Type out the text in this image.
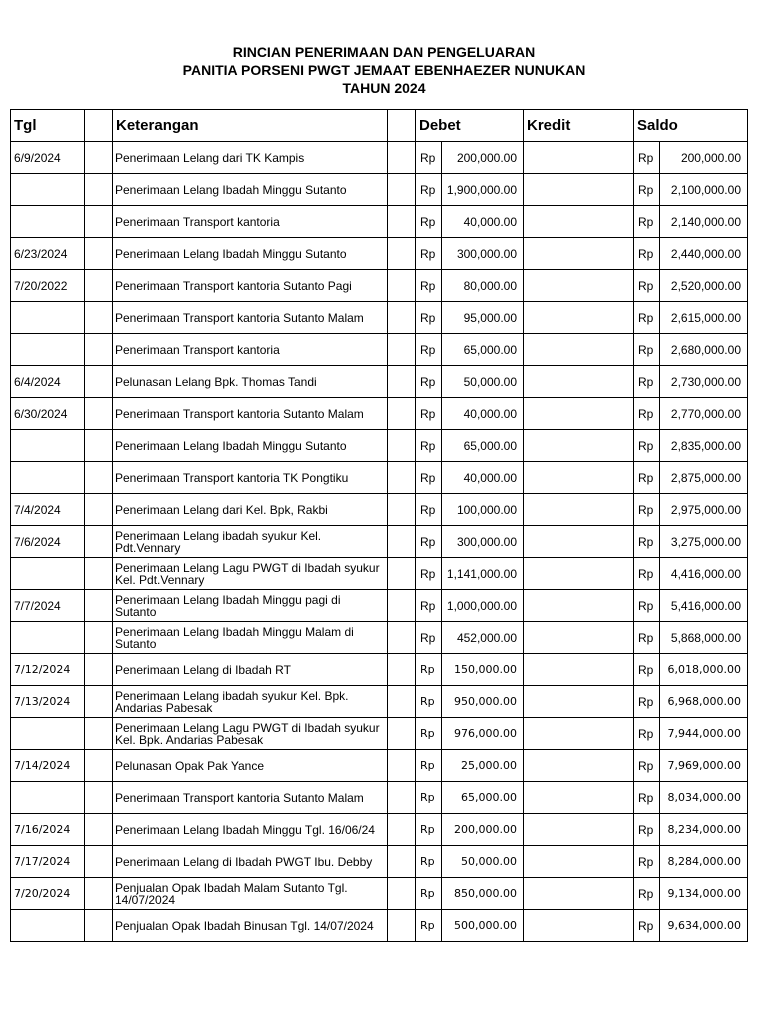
RINCIAN PENERIMAAN DAN PENGELUARAN
PANITIA PORSENI PWGT JEMAAT EBENHAEZER NUNUKAN
TAHUN 2024
Tgl		Keterangan		Debet		Kredit	Saldo	
6/9/2024		Penerimaan Lelang dari TK Kampis		Rp	200,000.00		Rp	200,000.00
		Penerimaan Lelang Ibadah Minggu Sutanto		Rp	1,900,000.00		Rp	2,100,000.00
		Penerimaan Transport kantoria		Rp	40,000.00		Rp	2,140,000.00
6/23/2024		Penerimaan Lelang Ibadah Minggu Sutanto		Rp	300,000.00		Rp	2,440,000.00
7/20/2022		Penerimaan Transport kantoria Sutanto Pagi		Rp	80,000.00		Rp	2,520,000.00
		Penerimaan Transport kantoria Sutanto Malam		Rp	95,000.00		Rp	2,615,000.00
		Penerimaan Transport kantoria		Rp	65,000.00		Rp	2,680,000.00
6/4/2024		Pelunasan Lelang Bpk. Thomas Tandi		Rp	50,000.00		Rp	2,730,000.00
6/30/2024		Penerimaan Transport kantoria Sutanto Malam		Rp	40,000.00		Rp	2,770,000.00
		Penerimaan Lelang Ibadah Minggu Sutanto		Rp	65,000.00		Rp	2,835,000.00
		Penerimaan Transport kantoria TK Pongtiku		Rp	40,000.00		Rp	2,875,000.00
7/4/2024		Penerimaan Lelang dari Kel. Bpk, Rakbi		Rp	100,000.00		Rp	2,975,000.00
7/6/2024		Penerimaan Lelang ibadah syukur Kel. Pdt.Vennary		Rp	300,000.00		Rp	3,275,000.00
		Penerimaan Lelang Lagu PWGT di Ibadah syukur Kel. Pdt.Vennary		Rp	1,141,000.00		Rp	4,416,000.00
7/7/2024		Penerimaan Lelang Ibadah Minggu pagi di Sutanto		Rp	1,000,000.00		Rp	5,416,000.00
		Penerimaan Lelang Ibadah Minggu Malam di Sutanto		Rp	452,000.00		Rp	5,868,000.00
7/12/2024		Penerimaan Lelang di Ibadah RT		Rp	150,000.00		Rp	6,018,000.00
7/13/2024		Penerimaan Lelang ibadah syukur Kel. Bpk. Andarias Pabesak		Rp	950,000.00		Rp	6,968,000.00
		Penerimaan Lelang Lagu PWGT di Ibadah syukur Kel. Bpk. Andarias Pabesak		Rp	976,000.00		Rp	7,944,000.00
7/14/2024		Pelunasan Opak Pak Yance		Rp	25,000.00		Rp	7,969,000.00
		Penerimaan Transport kantoria Sutanto Malam		Rp	65,000.00		Rp	8,034,000.00
7/16/2024		Penerimaan Lelang Ibadah Minggu Tgl. 16/06/24		Rp	200,000.00		Rp	8,234,000.00
7/17/2024		Penerimaan Lelang di Ibadah PWGT Ibu. Debby		Rp	50,000.00		Rp	8,284,000.00
7/20/2024		Penjualan Opak Ibadah Malam Sutanto Tgl. 14/07/2024		Rp	850,000.00		Rp	9,134,000.00
		Penjualan Opak Ibadah Binusan Tgl. 14/07/2024		Rp	500,000.00		Rp	9,634,000.00
